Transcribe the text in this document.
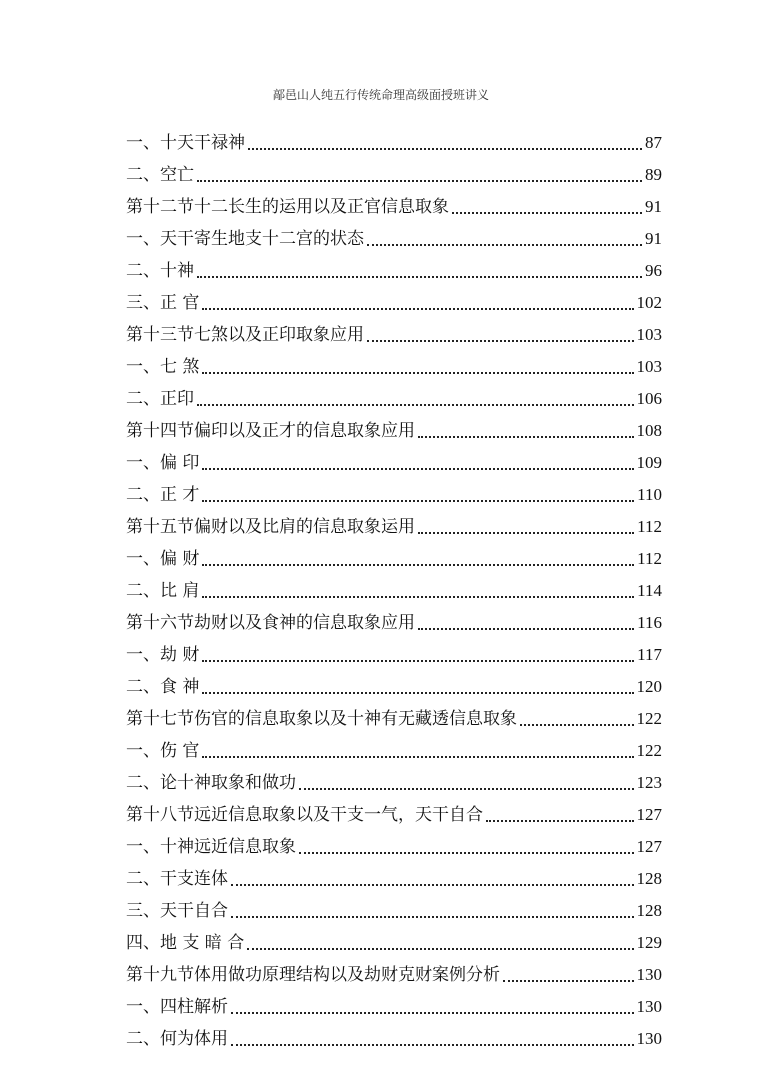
鄗邑山人纯五行传统命理高级面授班讲义
一、十天干禄神	87
二、空亡	89
第十二节十二长生的运用以及正官信息取象	91
一、天干寄生地支十二宫的状态	91
二、十神	96
三、正 官	102
第十三节七煞以及正印取象应用	103
一、七 煞	103
二、正印	106
第十四节偏印以及正才的信息取象应用	108
一、偏 印	109
二、正 才	110
第十五节偏财以及比肩的信息取象运用	112
一、偏 财	112
二、比 肩	114
第十六节劫财以及食神的信息取象应用	116
一、劫 财	117
二、食 神	120
第十七节伤官的信息取象以及十神有无藏透信息取象	122
一、伤 官	122
二、论十神取象和做功	123
第十八节远近信息取象以及干支一气，天干自合	127
一、十神远近信息取象	127
二、干支连体	128
三、天干自合	128
四、地 支 暗 合	129
第十九节体用做功原理结构以及劫财克财案例分析	130
一、四柱解析	130
二、何为体用	130
